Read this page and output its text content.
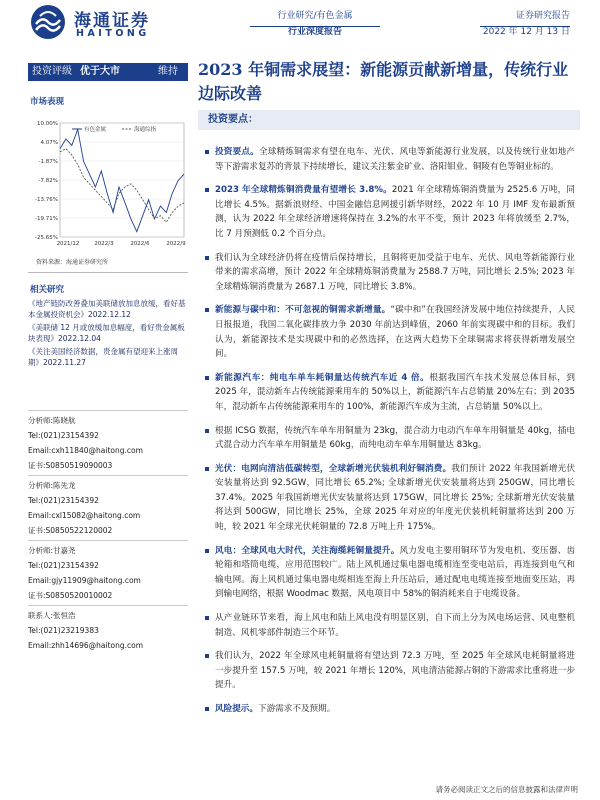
海通证券
HAITONG
行业研究/有色金属
行业深度报告
证券研究报告
2022 年 12 月 13 日
投资评级 优于大市	维持
市场表现
10.00%
4.07%
-1.87%
-7.82%
-13.76%
-19.71%
-25.65%
2021/12	2022/3	2022/6	2022/9
有色金属	海通综指
资料来源：海通证券研究所
相关研究
《地产链防改善叠加美联储放加息放缓，看好基本金属投资机会》2022.12.12
《美联储 12 月或放缓加息幅度，看好贵金属板块表现》2022.12.04
《关注美国经济数据，贵金属有望迎来上涨周期》2022.11.27
分析师:陈晓航
Tel:(021)23154392
Email:cxh11840@haitong.com
证书:S0850519090003
分析师:陈先龙
Tel:(021)23154392
Email:cxl15082@haitong.com
证书:S0850522120002
分析师:甘嘉尧
Tel:(021)23154392
Email:gjy11909@haitong.com
证书:S0850520010002
联系人:张恒浩
Tel:(021)23219383
Email:zhh14696@haitong.com
2023 年铜需求展望：新能源贡献新增量，传统行业边际改善
投资要点：
投资要点。全球精炼铜需求有望在电车、光伏、风电等新能源行业发展，以及传统行业如地产等下游需求复苏的背景下持续增长，建议关注紫金矿业、洛阳钼业、铜陵有色等铜业标的。
2023 年全球精炼铜消费量有望增长 3.8%。2021 年全球精炼铜消费量为 2525.6 万吨，同比增长 4.5%。据新浪财经、中国金融信息网援引新华财经，2022 年 10 月 IMF 发布最新预测，认为 2022 年全球经济增速将保持在 3.2%的水平不变，预计 2023 年将放缓至 2.7%，比 7 月预测低 0.2 个百分点。
我们认为全球经济仍将在疫情后保持增长，且铜将更加受益于电车、光伏、风电等新能源行业带来的需求高增，预计 2022 年全球精炼铜消费量为 2588.7 万吨，同比增长 2.5%; 2023 年全球精炼铜消费量为 2687.1 万吨，同比增长 3.8%。
新能源与碳中和：不可忽视的铜需求新增量。“碳中和”在我国经济发展中地位持续提升，人民日报报道，我国二氧化碳排放力争 2030 年前达到峰值，2060 年前实现碳中和的目标。我们认为，新能源技术是实现碳中和的必然选择，在这两大趋势下全球铜需求将获得新增发展空间。
新能源汽车：纯电车单车耗铜量达传统汽车近 4 倍。根据我国汽车技术发展总体目标，到 2025 年，混动新车占传统能源乘用车的 50%以上，新能源汽车占总销量 20%左右；到 2035 年，混动新车占传统能源乘用车的 100%，新能源汽车成为主流，占总销量 50%以上。
根据 ICSG 数据，传统汽车单车用铜量为 23kg，混合动力电动汽车单车用铜量是 40kg，插电式混合动力汽车单车用铜量是 60kg，而纯电动车单车用铜量达 83kg。
光伏：电网向清洁低碳转型，全球新增光伏装机利好铜消费。我们预计 2022 年我国新增光伏安装量将达到 92.5GW，同比增长 65.2%; 全球新增光伏安装量将达到 250GW，同比增长 37.4%。2025 年我国新增光伏安装量将达到 175GW，同比增长 25%; 全球新增光伏安装量将达到 500GW，同比增长 25%，全球 2025 年对应的年度光伏装机耗铜量将达到 200 万吨，较 2021 年全球光伏耗铜量的 72.8 万吨上升 175%。
风电：全球风电大时代，关注海缆耗铜量提升。风力发电主要用铜环节为发电机、变压器、齿轮箱和塔筒电缆，应用范围较广。陆上风机通过集电器电缆相连至变电站后，再连接到电气和输电网。海上风机通过集电器电缆相连至海上升压站后，通过配电电缆连接至地面变压站，再到输电网络，根据 Woodmac 数据，风电项目中 58%的铜消耗来自于电缆设备。
从产业链环节来看，海上风电和陆上风电没有明显区别，自下而上分为风电场运营、风电整机制造、风机零部件制造三个环节。
我们认为，2022 年全球风电耗铜量将有望达到 72.3 万吨，至 2025 年全球风电耗铜量将进一步提升至 157.5 万吨，较 2021 年增长 120%，风电清洁能源占铜的下游需求比重将进一步提升。
风险提示。下游需求不及预期。
请务必阅读正文之后的信息披露和法律声明
